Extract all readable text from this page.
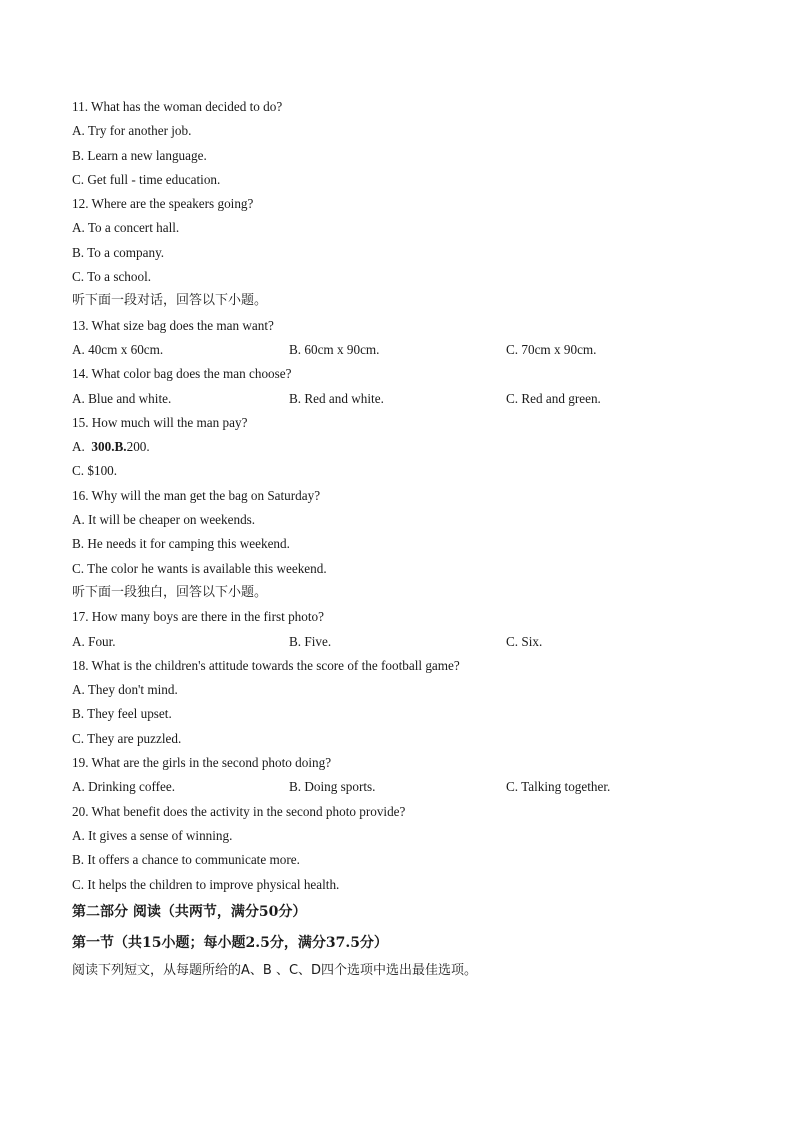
11. What has the woman decided to do?
A. Try for another job.
B. Learn a new language.
C. Get full - time education.
12. Where are the speakers going?
A. To a concert hall.
B. To a company.
C. To a school.
听下面一段对话，回答以下小题。
13. What size bag does the man want?
A. 40cm x 60cm.	B. 60cm x 90cm.	C. 70cm x 90cm.
14. What color bag does the man choose?
A. Blue and white.	B. Red and white.	C. Red and green.
15. How much will the man pay?
A.  300.B.200.
C. $100.
16. Why will the man get the bag on Saturday?
A. It will be cheaper on weekends.
B. He needs it for camping this weekend.
C. The color he wants is available this weekend.
听下面一段独白，回答以下小题。
17. How many boys are there in the first photo?
A. Four.	B. Five.	C. Six.
18. What is the children's attitude towards the score of the football game?
A. They don't mind.
B. They feel upset.
C. They are puzzled.
19. What are the girls in the second photo doing?
A. Drinking coffee.	B. Doing sports.	C. Talking together.
20. What benefit does the activity in the second photo provide?
A. It gives a sense of winning.
B. It offers a chance to communicate more.
C. It helps the children to improve physical health.
第二部分 阅读（共两节，满分50分）
第一节（共15小题；每小题2.5分，满分37.5分）
阅读下列短文，从每题所给的A、B 、C、D四个选项中选出最佳选项。
